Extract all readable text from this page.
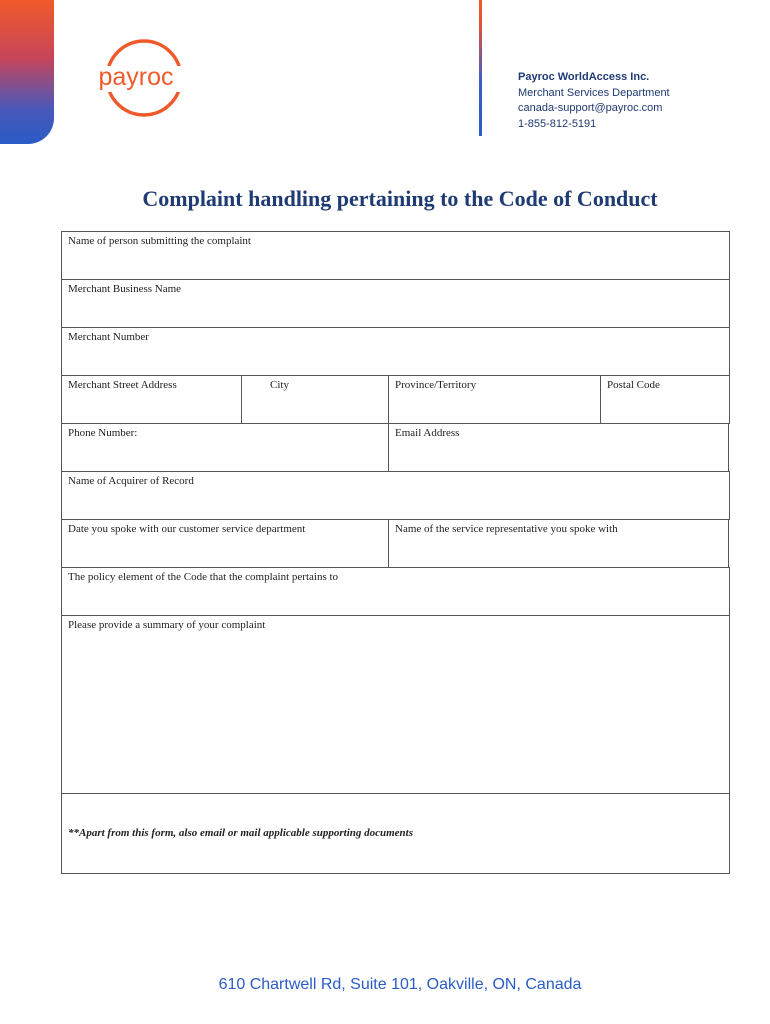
payroc	Payroc WorldAccess Inc.
Merchant Services Department
canada-support@payroc.com
1-855-812-5191
Complaint handling pertaining to the Code of Conduct
Name of person submitting the complaint
Merchant Business Name
Merchant Number
Merchant Street Address	City	Province/Territory	Postal Code
Phone Number:	Email Address
Name of Acquirer of Record
Date you spoke with our customer service department	Name of the service representative you spoke with
The policy element of the Code that the complaint pertains to
Please provide a summary of your complaint
**Apart from this form, also email or mail applicable supporting documents
610 Chartwell Rd, Suite 101, Oakville, ON, Canada
